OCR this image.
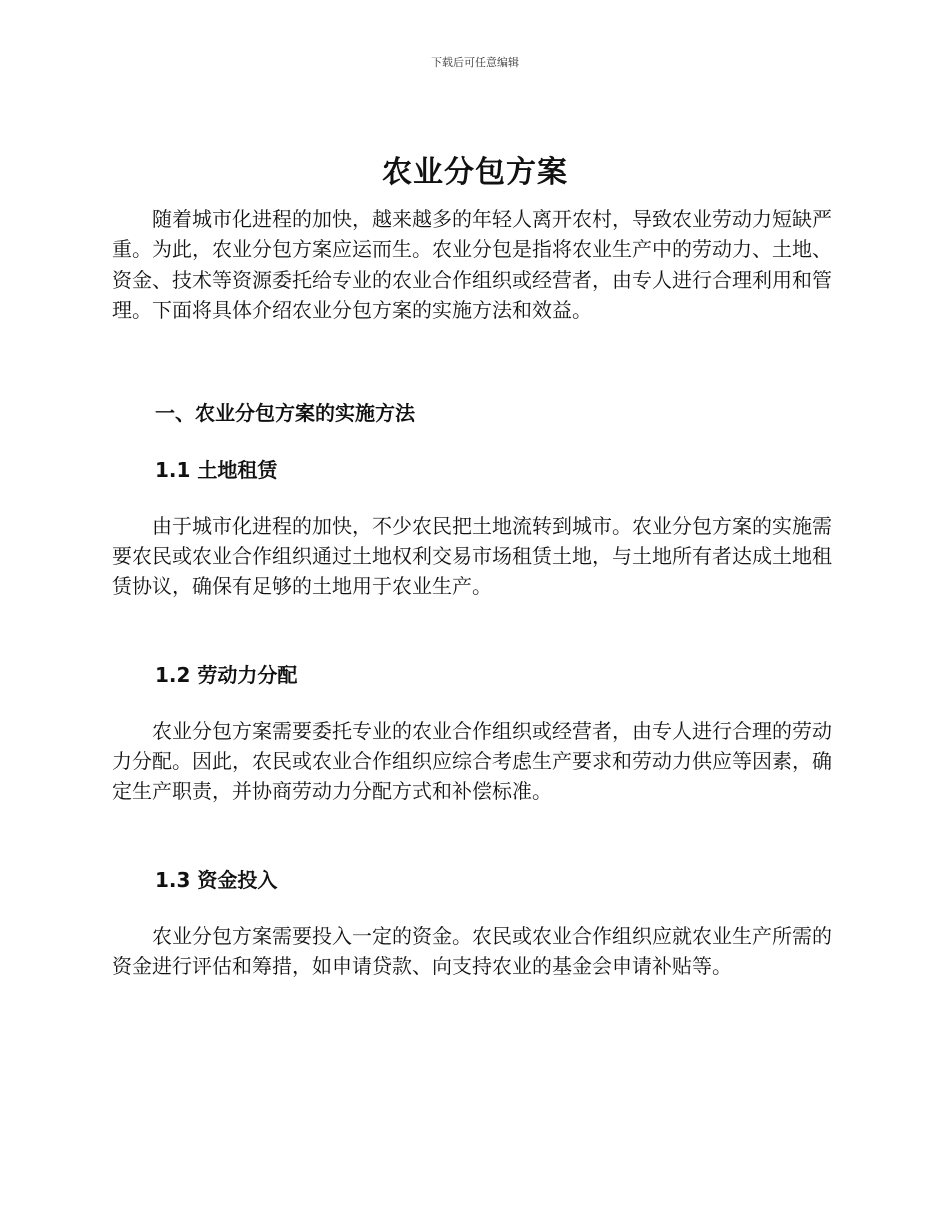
下载后可任意编辑
农业分包方案

随着城市化进程的加快，越来越多的年轻人离开农村，导致农业劳动力短缺严重。为此，农业分包方案应运而生。农业分包是指将农业生产中的劳动力、土地、资金、技术等资源委托给专业的农业合作组织或经营者，由专人进行合理利用和管理。下面将具体介绍农业分包方案的实施方法和效益。

一、农业分包方案的实施方法
1.1 土地租赁

由于城市化进程的加快，不少农民把土地流转到城市。农业分包方案的实施需要农民或农业合作组织通过土地权利交易市场租赁土地，与土地所有者达成土地租赁协议，确保有足够的土地用于农业生产。

1.2 劳动力分配

农业分包方案需要委托专业的农业合作组织或经营者，由专人进行合理的劳动力分配。因此，农民或农业合作组织应综合考虑生产要求和劳动力供应等因素，确定生产职责，并协商劳动力分配方式和补偿标准。

1.3 资金投入

农业分包方案需要投入一定的资金。农民或农业合作组织应就农业生产所需的资金进行评估和筹措，如申请贷款、向支持农业的基金会申请补贴等。
